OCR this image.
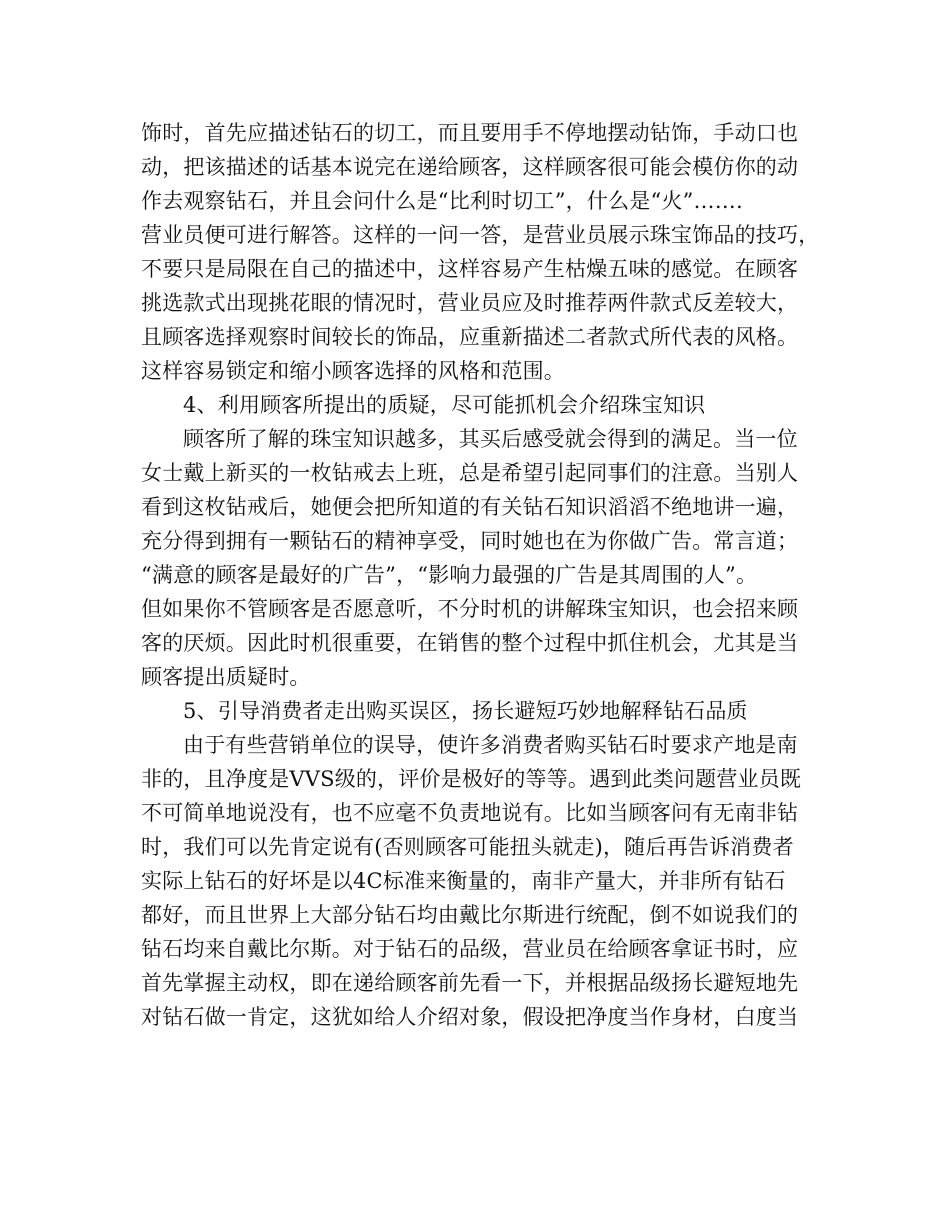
饰时，首先应描述钻石的切工，而且要用手不停地摆动钻饰，手动口也
动，把该描述的话基本说完在递给顾客，这样顾客很可能会模仿你的动
作去观察钻石，并且会问什么是“比利时切工”，什么是“火”…….
营业员便可进行解答。这样的一问一答，是营业员展示珠宝饰品的技巧，
不要只是局限在自己的描述中，这样容易产生枯燥五味的感觉。在顾客
挑选款式出现挑花眼的情况时，营业员应及时推荐两件款式反差较大，
且顾客选择观察时间较长的饰品，应重新描述二者款式所代表的风格。
这样容易锁定和缩小顾客选择的风格和范围。
4、利用顾客所提出的质疑，尽可能抓机会介绍珠宝知识
顾客所了解的珠宝知识越多，其买后感受就会得到的满足。当一位
女士戴上新买的一枚钻戒去上班，总是希望引起同事们的注意。当别人
看到这枚钻戒后，她便会把所知道的有关钻石知识滔滔不绝地讲一遍，
充分得到拥有一颗钻石的精神享受，同时她也在为你做广告。常言道；
“满意的顾客是最好的广告”，“影响力最强的广告是其周围的人”。
但如果你不管顾客是否愿意听，不分时机的讲解珠宝知识，也会招来顾
客的厌烦。因此时机很重要，在销售的整个过程中抓住机会，尤其是当
顾客提出质疑时。
5、引导消费者走出购买误区，扬长避短巧妙地解释钻石品质
由于有些营销单位的误导，使许多消费者购买钻石时要求产地是南
非的，且净度是VVS级的，评价是极好的等等。遇到此类问题营业员既
不可简单地说没有，也不应毫不负责地说有。比如当顾客问有无南非钻
时，我们可以先肯定说有(否则顾客可能扭头就走)，随后再告诉消费者
实际上钻石的好坏是以4C标准来衡量的，南非产量大，并非所有钻石
都好，而且世界上大部分钻石均由戴比尔斯进行统配，倒不如说我们的
钻石均来自戴比尔斯。对于钻石的品级，营业员在给顾客拿证书时，应
首先掌握主动权，即在递给顾客前先看一下，并根据品级扬长避短地先
对钻石做一肯定，这犹如给人介绍对象，假设把净度当作身材，白度当
